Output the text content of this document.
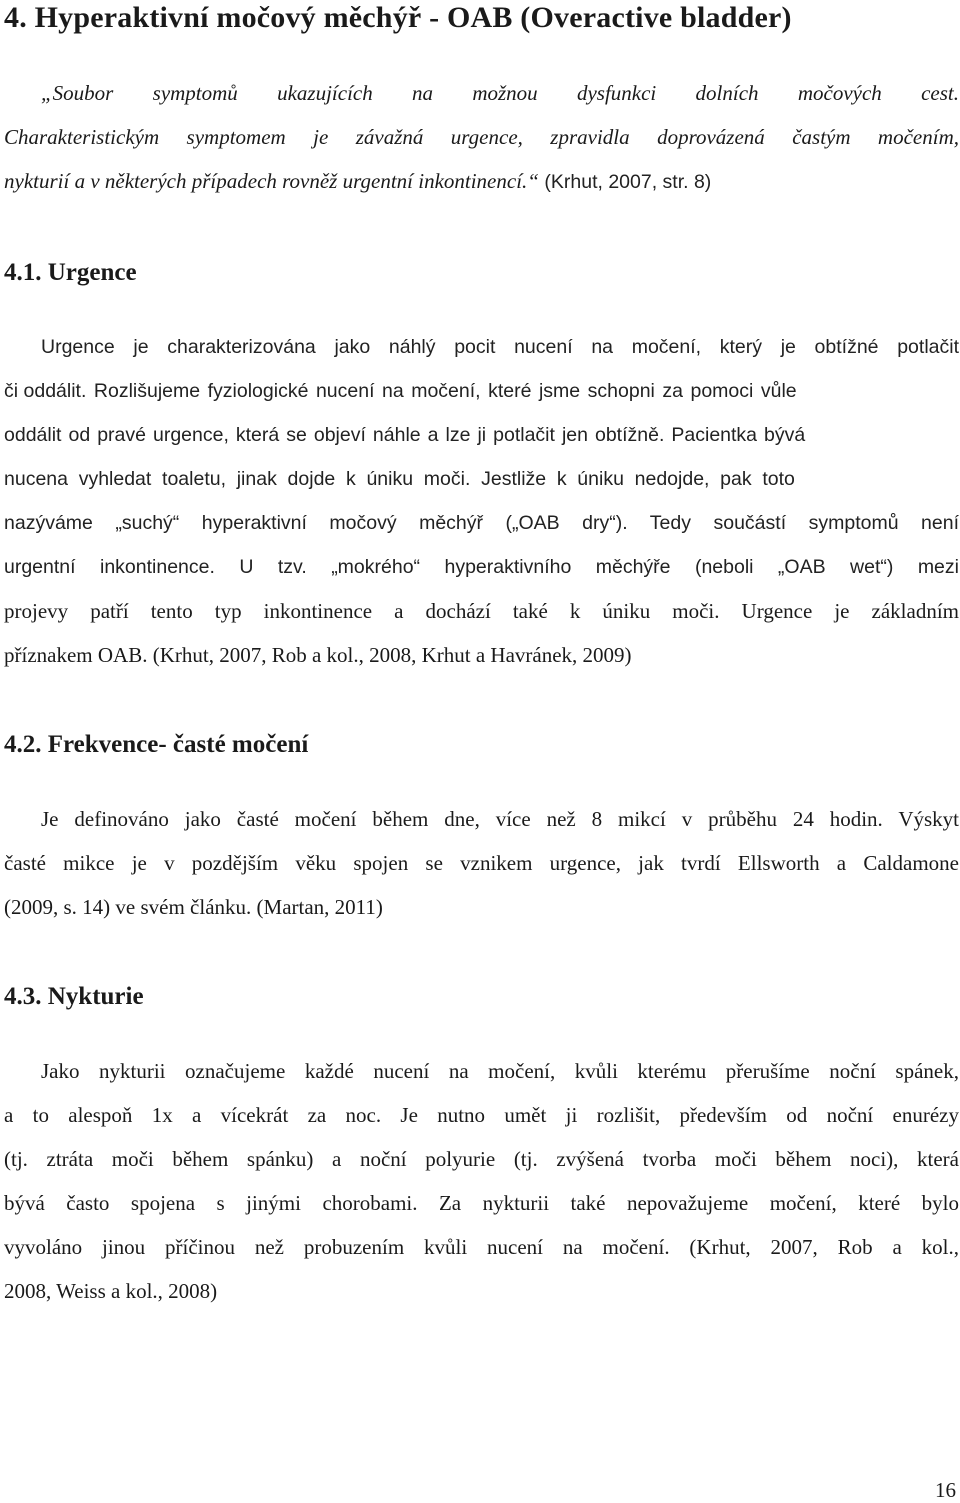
4. Hyperaktivní močový měchýř - OAB (Overactive bladder)

„Soubor symptomů ukazujících na možnou dysfunkci dolních močových cest.

Charakteristickým symptomem je závažná urgence, zpravidla doprovázená častým močením,

nykturií a v některých případech rovněž urgentní inkontinencí.“ (Krhut, 2007, str. 8)

4.1. Urgence

Urgence je charakterizována jako náhlý pocit nucení na močení, který je obtížné potlačit

či oddálit. Rozlišujeme fyziologické nucení na močení, které jsme schopni za pomoci vůle

oddálit od pravé urgence, která se objeví náhle a lze ji potlačit jen obtížně. Pacientka bývá

nucena vyhledat toaletu, jinak dojde k úniku moči. Jestliže k úniku nedojde, pak toto

nazýváme „suchý“ hyperaktivní močový měchýř („OAB dry“). Tedy součástí symptomů není

urgentní inkontinence. U tzv. „mokrého“ hyperaktivního měchýře (neboli „OAB wet“) mezi

projevy patří tento typ inkontinence a dochází také k úniku moči. Urgence je základním

příznakem OAB. (Krhut, 2007, Rob a kol., 2008, Krhut a Havránek, 2009)

4.2. Frekvence- časté močení

Je definováno jako časté močení během dne, více než 8 mikcí v průběhu 24 hodin. Výskyt

časté mikce je v pozdějším věku spojen se vznikem urgence, jak tvrdí Ellsworth a Caldamone

(2009, s. 14) ve svém článku. (Martan, 2011)

4.3. Nykturie

Jako nykturii označujeme každé nucení na močení, kvůli kterému přerušíme noční spánek,

a to alespoň 1x a vícekrát za noc. Je nutno umět ji rozlišit, především od noční enurézy

(tj. ztráta moči během spánku) a noční polyurie (tj. zvýšená tvorba moči během noci), která

bývá často spojena s jinými chorobami. Za nykturii také nepovažujeme močení, které bylo

vyvoláno jinou příčinou než probuzením kvůli nucení na močení. (Krhut, 2007, Rob a kol.,

2008, Weiss a kol., 2008)

16
